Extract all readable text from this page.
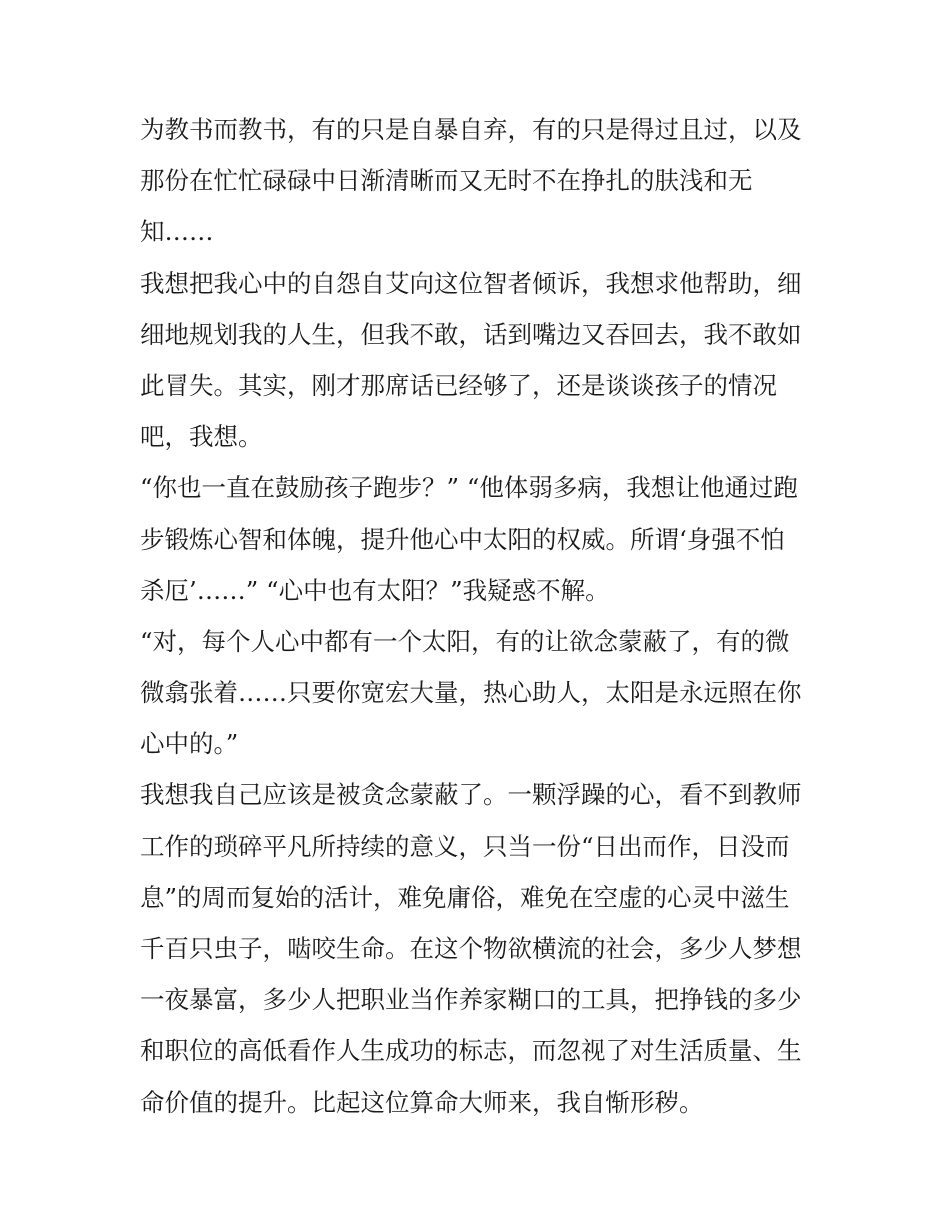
为教书而教书，有的只是自暴自弃，有的只是得过且过，以及
那份在忙忙碌碌中日渐清晰而又无时不在挣扎的肤浅和无
知……
我想把我心中的自怨自艾向这位智者倾诉，我想求他帮助，细
细地规划我的人生，但我不敢，话到嘴边又吞回去，我不敢如
此冒失。其实，刚才那席话已经够了，还是谈谈孩子的情况
吧，我想。
“你也一直在鼓励孩子跑步？” “他体弱多病，我想让他通过跑
步锻炼心智和体魄，提升他心中太阳的权威。所谓‘身强不怕
杀厄’……” “心中也有太阳？”我疑惑不解。
“对，每个人心中都有一个太阳，有的让欲念蒙蔽了，有的微
微翕张着……只要你宽宏大量，热心助人，太阳是永远照在你
心中的。”
我想我自己应该是被贪念蒙蔽了。一颗浮躁的心，看不到教师
工作的琐碎平凡所持续的意义，只当一份“日出而作，日没而
息”的周而复始的活计，难免庸俗，难免在空虚的心灵中滋生
千百只虫子，啮咬生命。在这个物欲横流的社会，多少人梦想
一夜暴富，多少人把职业当作养家糊口的工具，把挣钱的多少
和职位的高低看作人生成功的标志，而忽视了对生活质量、生
命价值的提升。比起这位算命大师来，我自惭形秽。
